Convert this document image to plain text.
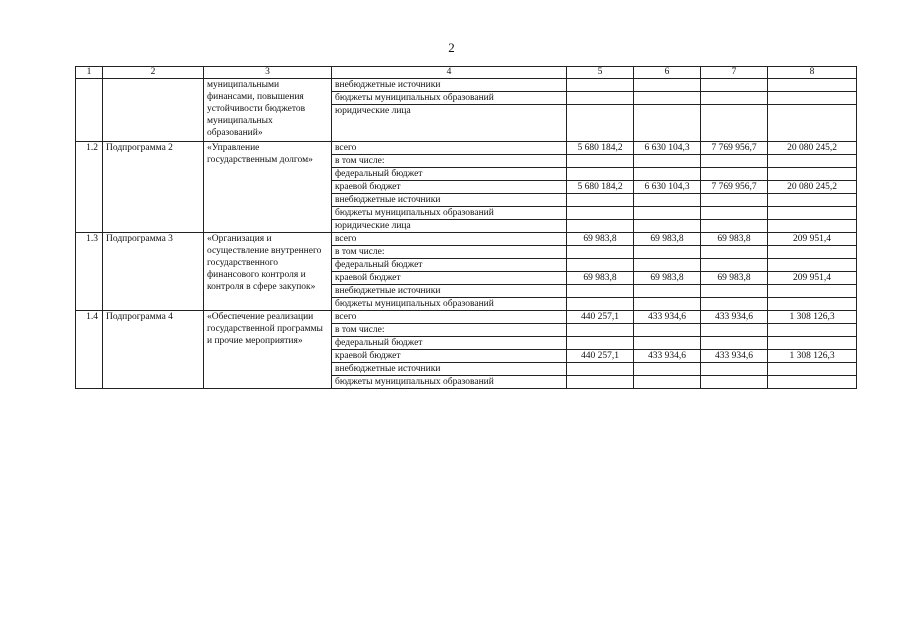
2
1	2	3	4	5	6	7	8
		муниципальными финансами, повышения устойчивости бюджетов муниципальных образований»	внебюджетные источники				
			бюджеты муниципальных образований				
			юридические лица				
1.2	Подпрограмма 2	«Управление государственным долгом»	всего	5 680 184,2	6 630 104,3	7 769 956,7	20 080 245,2
			в том числе:				
			федеральный бюджет				
			краевой бюджет	5 680 184,2	6 630 104,3	7 769 956,7	20 080 245,2
			внебюджетные источники				
			бюджеты муниципальных образований				
			юридические лица				
1.3	Подпрограмма 3	«Организация и осуществление внутреннего государственного финансового контроля и контроля в сфере закупок»	всего	69 983,8	69 983,8	69 983,8	209 951,4
			в том числе:				
			федеральный бюджет				
			краевой бюджет	69 983,8	69 983,8	69 983,8	209 951,4
			внебюджетные источники				
			бюджеты муниципальных образований				
1.4	Подпрограмма 4	«Обеспечение реализации государственной программы и прочие мероприятия»	всего	440 257,1	433 934,6	433 934,6	1 308 126,3
			в том числе:				
			федеральный бюджет				
			краевой бюджет	440 257,1	433 934,6	433 934,6	1 308 126,3
			внебюджетные источники				
			бюджеты муниципальных образований				
